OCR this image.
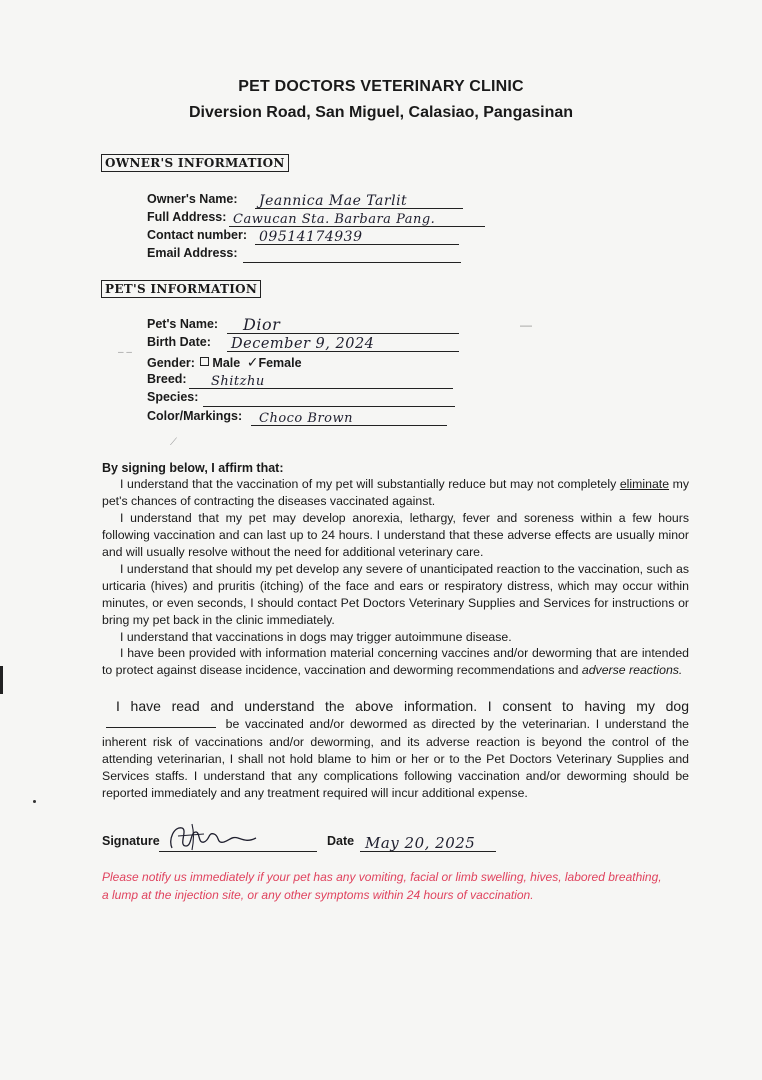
PET DOCTORS VETERINARY CLINIC
Diversion Road, San Miguel, Calasiao, Pangasinan
OWNER'S INFORMATION
Owner's Name: Jeannica Mae Tarlit
Full Address: Cawucan Sta. Barbara Pang.
Contact number: 09514174939
Email Address:
PET'S INFORMATION
Pet's Name: Dior
Birth Date: December 9, 2024
Gender: Male ✓Female
Breed: Shitzhu
Species:
Color/Markings: Choco Brown
By signing below, I affirm that:
I understand that the vaccination of my pet will substantially reduce but may not completely eliminate my pet's chances of contracting the diseases vaccinated against.
I understand that my pet may develop anorexia, lethargy, fever and soreness within a few hours following vaccination and can last up to 24 hours. I understand that these adverse effects are usually minor and will usually resolve without the need for additional veterinary care.
I understand that should my pet develop any severe of unanticipated reaction to the vaccination, such as urticaria (hives) and pruritis (itching) of the face and ears or respiratory distress, which may occur within minutes, or even seconds, I should contact Pet Doctors Veterinary Supplies and Services for instructions or bring my pet back in the clinic immediately.
I understand that vaccinations in dogs may trigger autoimmune disease.
I have been provided with information material concerning vaccines and/or deworming that are intended to protect against disease incidence, vaccination and deworming recommendations and adverse reactions.
I have read and understand the above information. I consent to having my dog  be vaccinated and/or dewormed as directed by the veterinarian. I understand the inherent risk of vaccinations and/or deworming, and its adverse reaction is beyond the control of the attending veterinarian, I shall not hold blame to him or her or to the Pet Doctors Veterinary Supplies and Services staffs. I understand that any complications following vaccination and/or deworming should be reported immediately and any treatment required will incur additional expense.
Signature	Date May 20, 2025
Please notify us immediately if your pet has any vomiting, facial or limb swelling, hives, labored breathing, a lump at the injection site, or any other symptoms within 24 hours of vaccination.
—
– –
⟋
